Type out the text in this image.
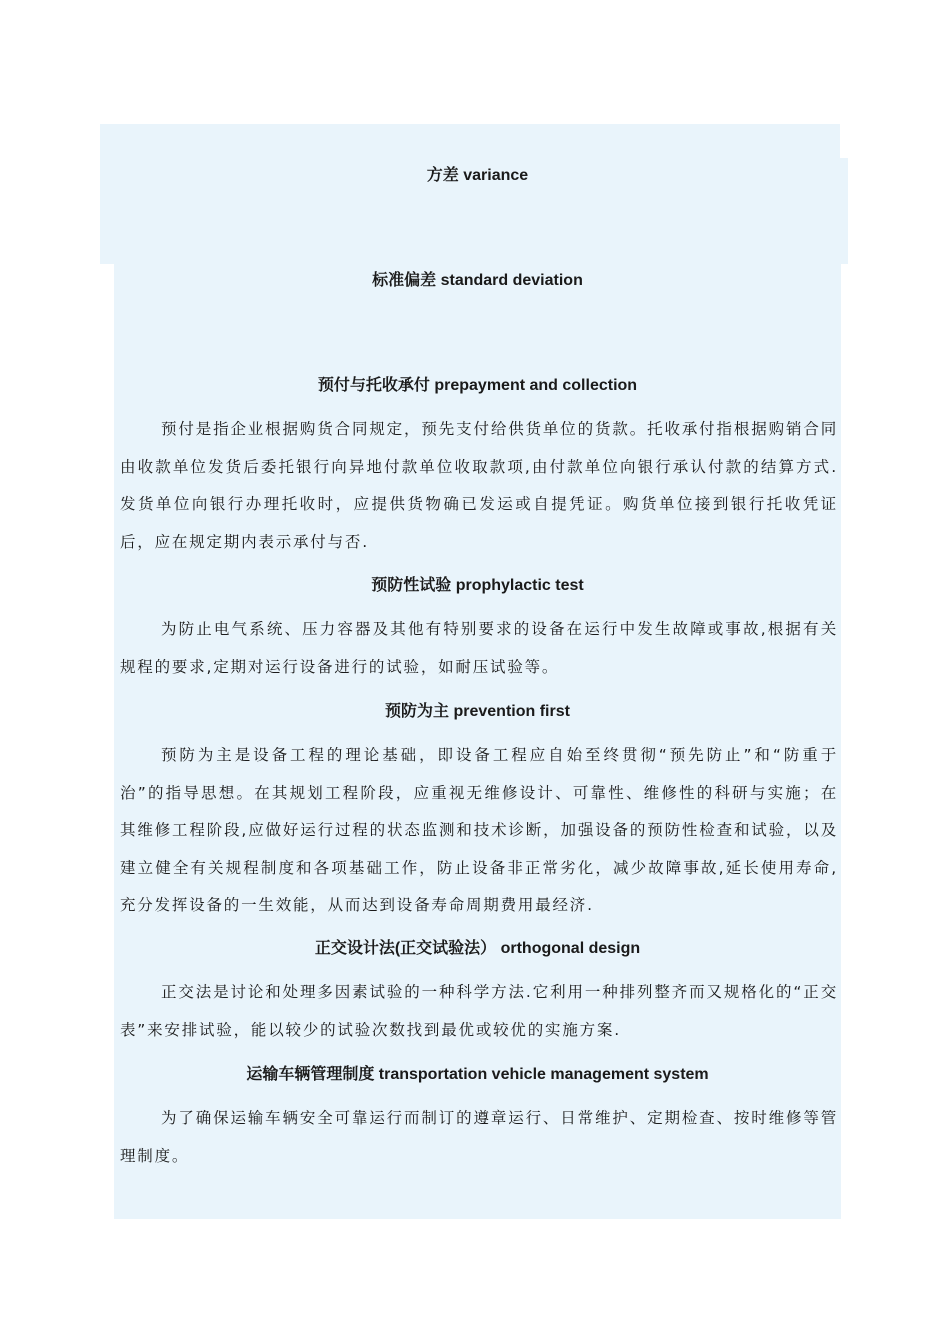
方差 variance
标准偏差 standard deviation
预付与托收承付 prepayment and collection

预付是指企业根据购货合同规定，预先支付给供货单位的货款。托收承付指根据购销合同由收款单位发货后委托银行向异地付款单位收取款项,由付款单位向银行承认付款的结算方式.发货单位向银行办理托收时，应提供货物确已发运或自提凭证。购货单位接到银行托收凭证后，应在规定期内表示承付与否.

预防性试验 prophylactic test

为防止电气系统、压力容器及其他有特别要求的设备在运行中发生故障或事故,根据有关规程的要求,定期对运行设备进行的试验，如耐压试验等。

预防为主 prevention first

预防为主是设备工程的理论基础，即设备工程应自始至终贯彻“预先防止”和“防重于治”的指导思想。在其规划工程阶段，应重视无维修设计、可靠性、维修性的科研与实施；在其维修工程阶段,应做好运行过程的状态监测和技术诊断，加强设备的预防性检查和试验，以及建立健全有关规程制度和各项基础工作，防止设备非正常劣化，减少故障事故,延长使用寿命,充分发挥设备的一生效能，从而达到设备寿命周期费用最经济.

正交设计法(正交试验法） orthogonal design

正交法是讨论和处理多因素试验的一种科学方法.它利用一种排列整齐而又规格化的“正交表”来安排试验，能以较少的试验次数找到最优或较优的实施方案.

运输车辆管理制度 transportation vehicle management system

为了确保运输车辆安全可靠运行而制订的遵章运行、日常维护、定期检查、按时维修等管理制度。
